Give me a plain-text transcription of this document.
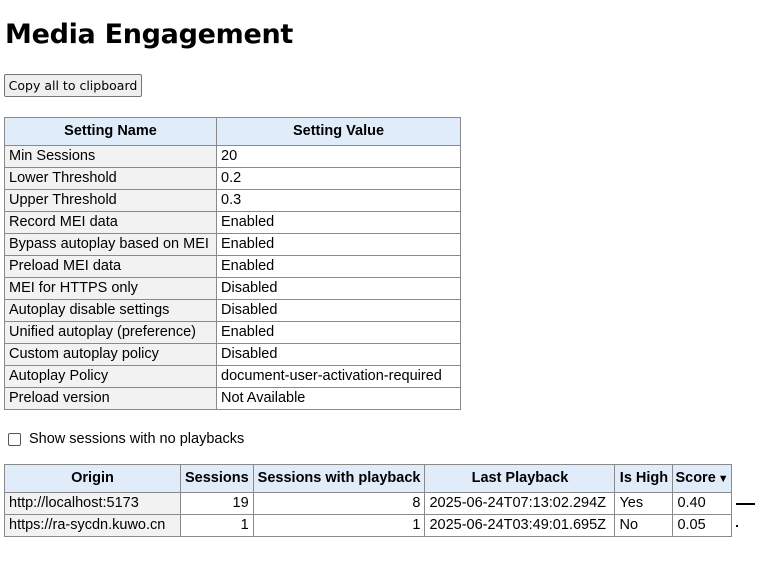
Media Engagement
Copy all to clipboard
Setting Name	Setting Value
Min Sessions	20
Lower Threshold	0.2
Upper Threshold	0.3
Record MEI data	Enabled
Bypass autoplay based on MEI	Enabled
Preload MEI data	Enabled
MEI for HTTPS only	Disabled
Autoplay disable settings	Disabled
Unified autoplay (preference)	Enabled
Custom autoplay policy	Disabled
Autoplay Policy	document-user-activation-required
Preload version	Not Available
Show sessions with no playbacks
Origin	Sessions	Sessions with playback	Last Playback	Is High	Score ▼
http://localhost:5173	19	8	2025-06-24T07:13:02.294Z	Yes	0.40
https://ra-sycdn.kuwo.cn	1	1	2025-06-24T03:49:01.695Z	No	0.05
